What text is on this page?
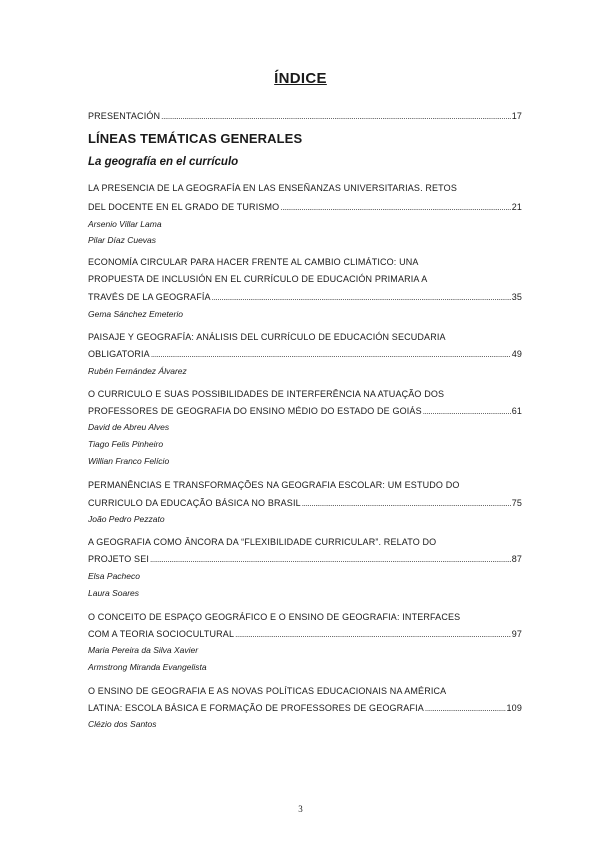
ÍNDICE
PRESENTACIÓN .....	17
LÍNEAS TEMÁTICAS GENERALES
La geografía en el currículo
LA PRESENCIA DE LA GEOGRAFÍA EN LAS ENSEÑANZAS UNIVERSITARIAS. RETOS
DEL DOCENTE EN EL GRADO DE TURISMO .....	21
Arsenio Villar Lama
Pilar Díaz Cuevas
ECONOMÍA CIRCULAR PARA HACER FRENTE AL CAMBIO CLIMÁTICO: UNA
PROPUESTA DE INCLUSIÓN EN EL CURRÍCULO DE EDUCACIÓN PRIMARIA A
TRAVÉS DE LA GEOGRAFÍA .....	35
Gema Sánchez Emeterio
PAISAJE Y GEOGRAFÍA: ANÁLISIS DEL CURRÍCULO DE EDUCACIÓN SECUDARIA
OBLIGATORIA .....	49
Rubén Fernández Álvarez
O CURRICULO E SUAS POSSIBILIDADES DE INTERFERÊNCIA NA ATUAÇÃO DOS
PROFESSORES DE GEOGRAFIA DO ENSINO MÉDIO DO ESTADO DE GOIÁS .....	61
David de Abreu Alves
Tiago Felis Pinheiro
Willian Franco Felício
PERMANÊNCIAS E TRANSFORMAÇÕES NA GEOGRAFIA ESCOLAR: UM ESTUDO DO
CURRICULO DA EDUCAÇÃO BÁSICA NO BRASIL .....	75
João Pedro Pezzato
A GEOGRAFIA COMO ÂNCORA DA “FLEXIBILIDADE CURRICULAR”. RELATO DO
PROJETO SEI .....	87
Elsa Pacheco
Laura Soares
O CONCEITO DE ESPAÇO GEOGRÁFICO E O ENSINO DE GEOGRAFIA: INTERFACES
COM A TEORIA SOCIOCULTURAL .....	97
Maria Pereira da Silva Xavier
Armstrong Miranda Evangelista
O ENSINO DE GEOGRAFIA E AS NOVAS POLÍTICAS EDUCACIONAIS NA AMÉRICA
LATINA: ESCOLA BÁSICA E FORMAÇÃO DE PROFESSORES DE GEOGRAFIA .....	109
Clézio dos Santos
3
